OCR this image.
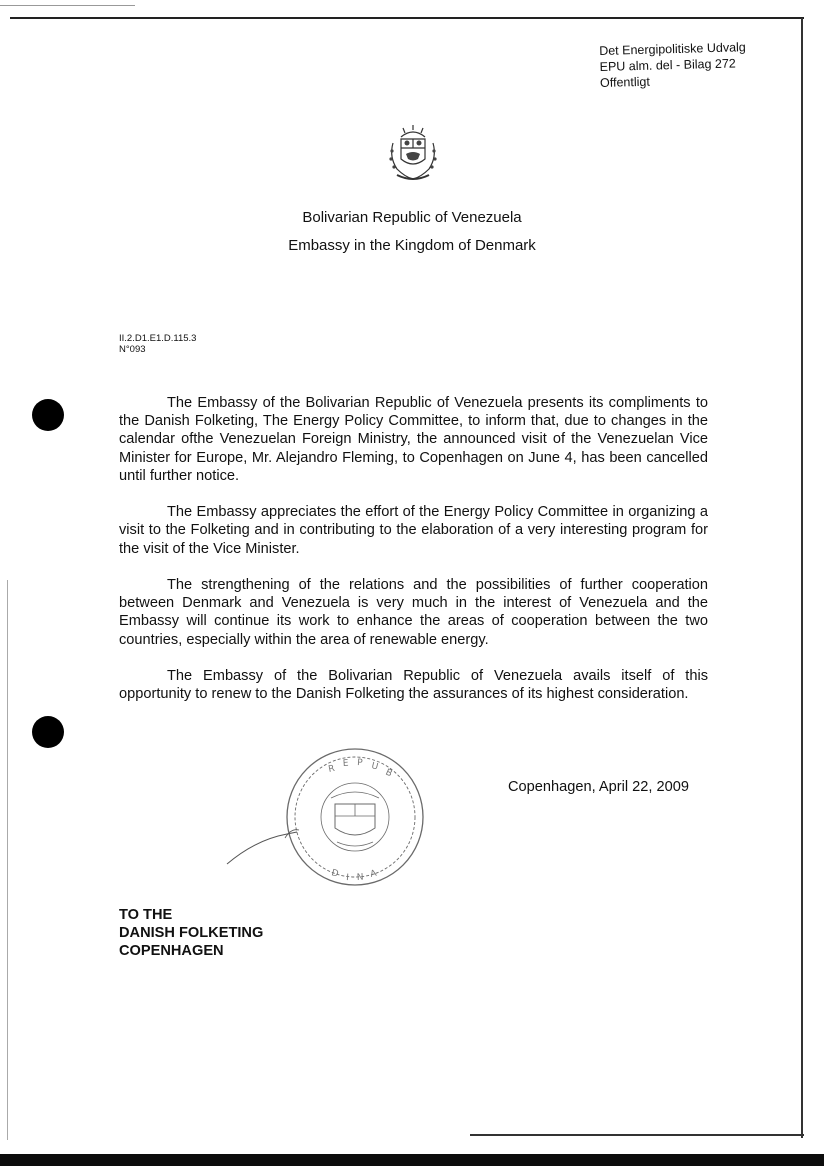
Det Energipolitiske Udvalg
EPU alm. del - Bilag 272
Offentligt
Bolivarian Republic of Venezuela
Embassy in the Kingdom of Denmark
II.2.D1.E1.D.115.3
N°093

The Embassy of the Bolivarian Republic of Venezuela presents its compliments to the Danish Folketing, The Energy Policy Committee, to inform that, due to changes in the calendar ofthe Venezuelan Foreign Ministry, the announced visit of the Venezuelan Vice Minister for Europe, Mr. Alejandro Fleming, to Copenhagen on June 4, has been cancelled until further notice.

The Embassy appreciates the effort of the Energy Policy Committee in organizing a visit to the Folketing and in contributing to the elaboration of a very interesting program for the visit of the Vice Minister.

The strengthening of the relations and the possibilities of further cooperation between Denmark and Venezuela is very much in the interest of Venezuela and the Embassy will continue its work to enhance the areas of cooperation between the two countries, especially within the area of renewable energy.

The Embassy of the Bolivarian Republic of Venezuela avails itself of this opportunity to renew to the Danish Folketing the assurances of its highest consideration.

R
E P U
B
D I N A
Copenhagen, April 22, 2009
TO THE
DANISH FOLKETING
COPENHAGEN
